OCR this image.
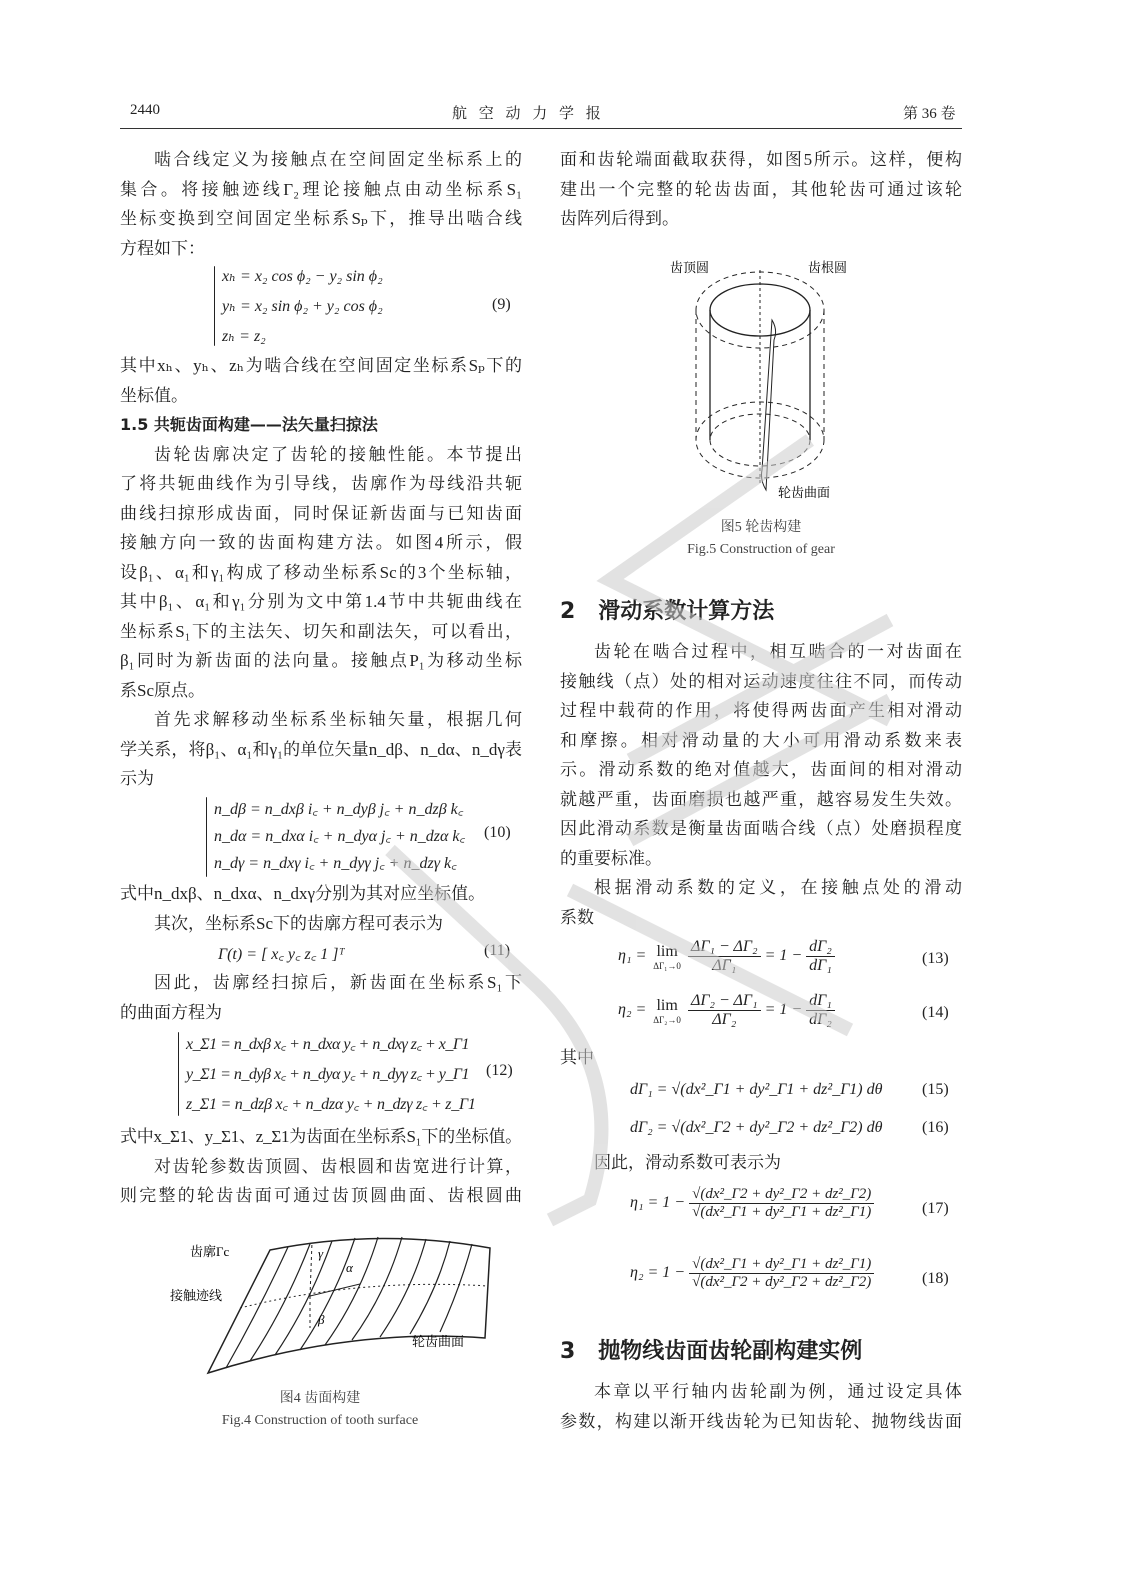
2440	航 空 动 力 学 报	第 36 卷
啮合线定义为接触点在空间固定坐标系上的
集合。将接触迹线Γ₂理论接触点由动坐标系S₁
坐标变换到空间固定坐标系Sₚ下，推导出啮合线
方程如下：
xₕ = x₂ cos ϕ₂ − y₂ sin ϕ₂
yₕ = x₂ sin ϕ₂ + y₂ cos ϕ₂
zₕ = z₂
(9)
其中xₕ、yₕ、zₕ为啮合线在空间固定坐标系Sₚ下的
坐标值。
1.5 共轭齿面构建——法矢量扫掠法
齿轮齿廓决定了齿轮的接触性能。本节提出
了将共轭曲线作为引导线，齿廓作为母线沿共轭
曲线扫掠形成齿面，同时保证新齿面与已知齿面
接触方向一致的齿面构建方法。如图4所示，假
设β₁、α₁和γ₁构成了移动坐标系Sc的3个坐标轴，
其中β₁、α₁和γ₁分别为文中第1.4节中共轭曲线在
坐标系S₁下的主法矢、切矢和副法矢，可以看出，
β₁同时为新齿面的法向量。接触点P₁为移动坐标
系Sc原点。
首先求解移动坐标系坐标轴矢量，根据几何
学关系，将β₁、α₁和γ₁的单位矢量n_dβ、n_dα、n_dγ表
示为
n_dβ = n_dxβ i꜀ + n_dyβ j꜀ + n_dzβ k꜀
n_dα = n_dxα i꜀ + n_dyα j꜀ + n_dzα k꜀
n_dγ = n_dxγ i꜀ + n_dyγ j꜀ + n_dzγ k꜀
(10)
式中n_dxβ、n_dxα、n_dxγ分别为其对应坐标值。
其次，坐标系Sc下的齿廓方程可表示为
Γ(t) = [ x꜀ y꜀ z꜀ 1 ]ᵀ	(11)
因此，齿廓经扫掠后，新齿面在坐标系S₁下
的曲面方程为
x_Σ1 = n_dxβ x꜀ + n_dxα y꜀ + n_dxγ z꜀ + x_Γ1
y_Σ1 = n_dyβ x꜀ + n_dyα y꜀ + n_dyγ z꜀ + y_Γ1
z_Σ1 = n_dzβ x꜀ + n_dzα y꜀ + n_dzγ z꜀ + z_Γ1
(12)
式中x_Σ1、y_Σ1、z_Σ1为齿面在坐标系S₁下的坐标值。
对齿轮参数齿顶圆、齿根圆和齿宽进行计算，
则完整的轮齿齿面可通过齿顶圆曲面、齿根圆曲
γ
α
β
齿廓Γc
接触迹线
轮齿曲面
图4 齿面构建
Fig.4 Construction of tooth surface
面和齿轮端面截取获得，如图5所示。这样，便构
建出一个完整的轮齿齿面，其他轮齿可通过该轮
齿阵列后得到。
齿顶圆	齿根圆
轮齿曲面
图5 轮齿构建
Fig.5 Construction of gear
2 滑动系数计算方法
齿轮在啮合过程中，相互啮合的一对齿面在
接触线（点）处的相对运动速度往往不同，而传动
过程中载荷的作用，将使得两齿面产生相对滑动
和摩擦。相对滑动量的大小可用滑动系数来表
示。滑动系数的绝对值越大，齿面间的相对滑动
就越严重，齿面磨损也越严重，越容易发生失效。
因此滑动系数是衡量齿面啮合线（点）处磨损程度
的重要标准。
根据滑动系数的定义，在接触点处的滑动
系数
η₁ = lim
ΔΓ₁→0
$\frac{\text{ΔΓ₁ − ΔΓ₂}}{\text{ΔΓ₁}} = 1 - \frac{\text{dΓ₂}}{\text{dΓ₁}}$	(13)
η₂ = lim
ΔΓ₂→0
$\frac{\text{ΔΓ₂ − ΔΓ₁}}{\text{ΔΓ₂}} = 1 - \frac{\text{dΓ₁}}{\text{dΓ₂}}$	(14)
其中
dΓ₁ = √(dx²_Γ1 + dy²_Γ1 + dz²_Γ1) dθ	(15)
dΓ₂ = √(dx²_Γ2 + dy²_Γ2 + dz²_Γ2) dθ	(16)
因此，滑动系数可表示为
$\eta_1 = 1 - \frac{\text{√(dx²\_Γ2 + dy²\_Γ2 + dz²\_Γ2)}}{\text{√(dx²\_Γ1 + dy²\_Γ1 + dz²\_Γ1)}}$	(17)
$\eta_2 = 1 - \frac{\text{√(dx²\_Γ1 + dy²\_Γ1 + dz²\_Γ1)}}{\text{√(dx²\_Γ2 + dy²\_Γ2 + dz²\_Γ2)}}$	(18)
3 抛物线齿面齿轮副构建实例
本章以平行轴内齿轮副为例，通过设定具体
参数，构建以渐开线齿轮为已知齿轮、抛物线齿面
